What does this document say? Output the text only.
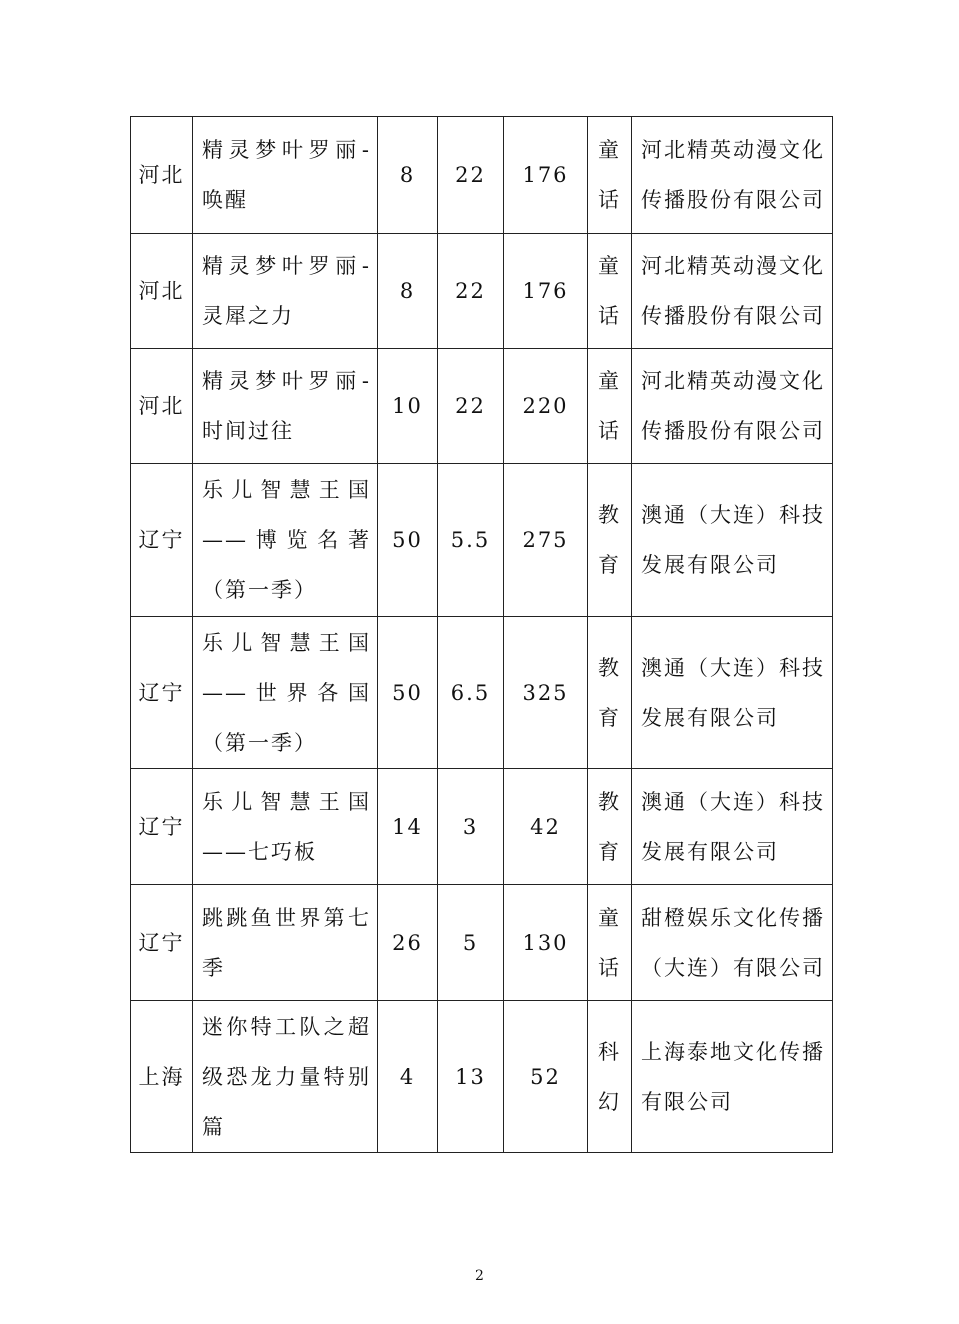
河北	精灵梦叶罗丽-唤醒	8	22	176	童话	河北精英动漫文化传播股份有限公司
河北	精灵梦叶罗丽-灵犀之力	8	22	176	童话	河北精英动漫文化传播股份有限公司
河北	精灵梦叶罗丽-时间过往	10	22	220	童话	河北精英动漫文化传播股份有限公司
辽宁	乐儿智慧王国——博览名著（第一季）	50	5.5	275	教育	澳通（大连）科技发展有限公司
辽宁	乐儿智慧王国——世界各国（第一季）	50	6.5	325	教育	澳通（大连）科技发展有限公司
辽宁	乐儿智慧王国——七巧板	14	3	42	教育	澳通（大连）科技发展有限公司
辽宁	跳跳鱼世界第七季	26	5	130	童话	甜橙娱乐文化传播（大连）有限公司
上海	迷你特工队之超级恐龙力量特别篇	4	13	52	科幻	上海泰地文化传播有限公司
2
